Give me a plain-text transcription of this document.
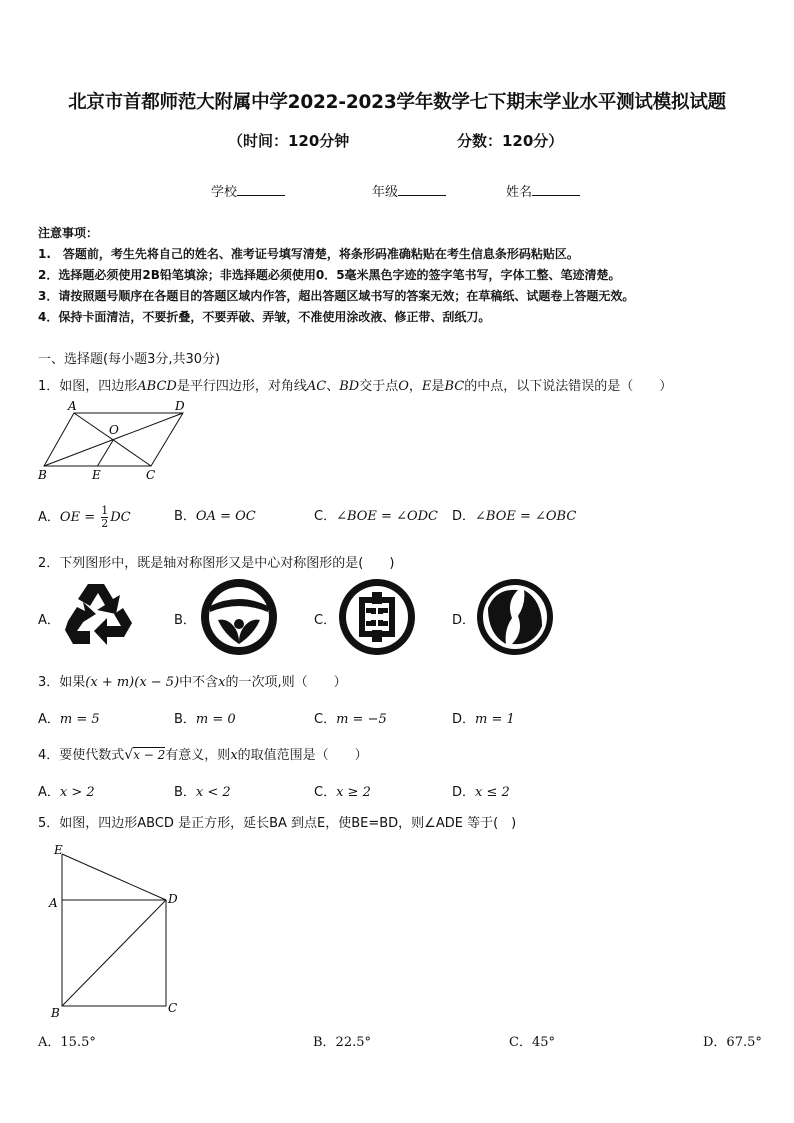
北京市首都师范大附属中学2022-2023学年数学七下期末学业水平测试模拟试题
（时间：120分钟	分数：120分）
学校	年级	姓名
注意事项：
1.　答题前，考生先将自己的姓名、准考证号填写清楚，将条形码准确粘贴在考生信息条形码粘贴区。
2．选择题必须使用2B铅笔填涂；非选择题必须使用0．5毫米黑色字迹的签字笔书写，字体工整、笔迹清楚。
3．请按照题号顺序在各题目的答题区域内作答，超出答题区域书写的答案无效；在草稿纸、试题卷上答题无效。
4．保持卡面清洁，不要折叠，不要弄破、弄皱，不准使用涂改液、修正带、刮纸刀。
一、选择题(每小题3分,共30分)
1．如图，四边形ABCD是平行四边形，对角线AC、BD交于点O，E是BC的中点，以下说法错误的是（　　）
A	D
O
B	E	C
A．OE = $\frac{1}{2}$ DC	B．OA = OC	C．∠BOE = ∠ODC D．∠BOE = ∠OBC
2．下列图形中，既是轴对称图形又是中心对称图形的是(　　)
A．	B．	C．	D．
3．如果(x + m)(x − 5)中不含x的一次项,则（　　）
A．m = 5	B．m = 0	C．m = −5	D．m = 1
4．要使代数式√x − 2有意义，则x的取值范围是（　　）
A．x > 2	B．x < 2	C．x ≥ 2	D．x ≤ 2
5．如图，四边形ABCD 是正方形，延长BA 到点E，使BE=BD，则∠ADE 等于(　)
E
A	D
B	C
A．15.5°	B．22.5°	C．45°	D．67.5°
